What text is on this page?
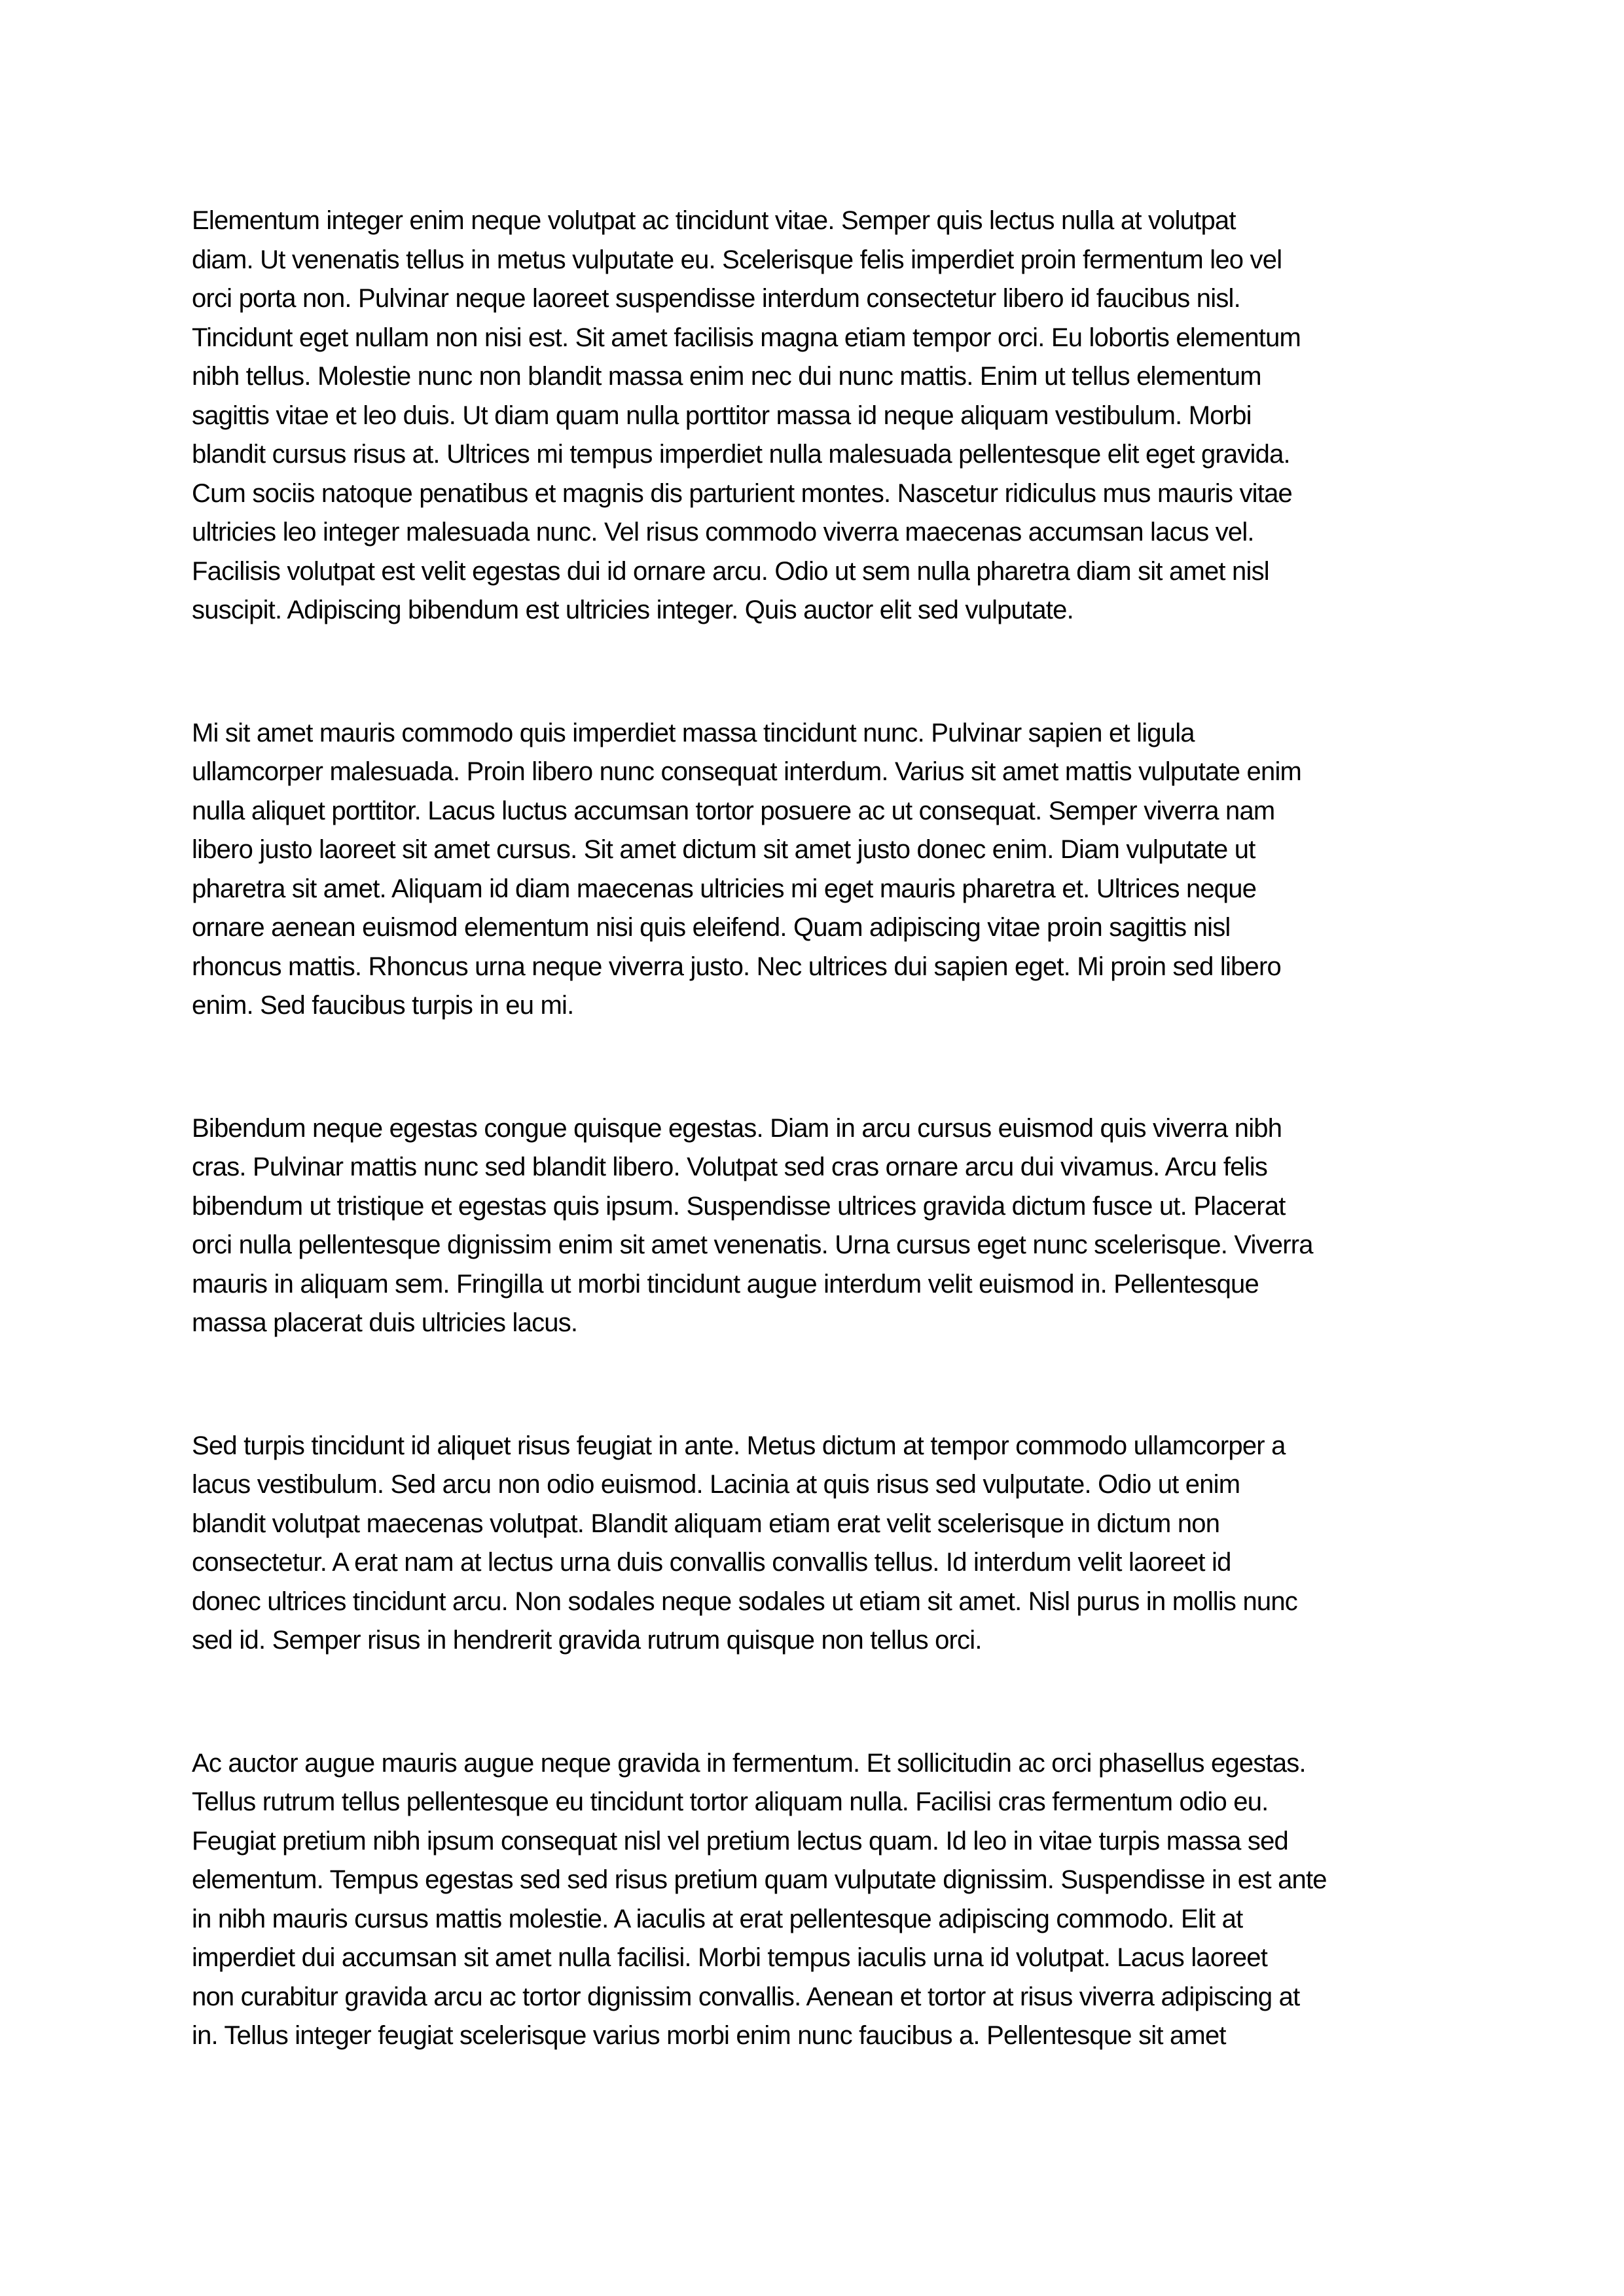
Elementum integer enim neque volutpat ac tincidunt vitae. Semper quis lectus nulla at volutpat
diam. Ut venenatis tellus in metus vulputate eu. Scelerisque felis imperdiet proin fermentum leo vel
orci porta non. Pulvinar neque laoreet suspendisse interdum consectetur libero id faucibus nisl.
Tincidunt eget nullam non nisi est. Sit amet facilisis magna etiam tempor orci. Eu lobortis elementum
nibh tellus. Molestie nunc non blandit massa enim nec dui nunc mattis. Enim ut tellus elementum
sagittis vitae et leo duis. Ut diam quam nulla porttitor massa id neque aliquam vestibulum. Morbi
blandit cursus risus at. Ultrices mi tempus imperdiet nulla malesuada pellentesque elit eget gravida.
Cum sociis natoque penatibus et magnis dis parturient montes. Nascetur ridiculus mus mauris vitae
ultricies leo integer malesuada nunc. Vel risus commodo viverra maecenas accumsan lacus vel.
Facilisis volutpat est velit egestas dui id ornare arcu. Odio ut sem nulla pharetra diam sit amet nisl
suscipit. Adipiscing bibendum est ultricies integer. Quis auctor elit sed vulputate.
Mi sit amet mauris commodo quis imperdiet massa tincidunt nunc. Pulvinar sapien et ligula
ullamcorper malesuada. Proin libero nunc consequat interdum. Varius sit amet mattis vulputate enim
nulla aliquet porttitor. Lacus luctus accumsan tortor posuere ac ut consequat. Semper viverra nam
libero justo laoreet sit amet cursus. Sit amet dictum sit amet justo donec enim. Diam vulputate ut
pharetra sit amet. Aliquam id diam maecenas ultricies mi eget mauris pharetra et. Ultrices neque
ornare aenean euismod elementum nisi quis eleifend. Quam adipiscing vitae proin sagittis nisl
rhoncus mattis. Rhoncus urna neque viverra justo. Nec ultrices dui sapien eget. Mi proin sed libero
enim. Sed faucibus turpis in eu mi.
Bibendum neque egestas congue quisque egestas. Diam in arcu cursus euismod quis viverra nibh
cras. Pulvinar mattis nunc sed blandit libero. Volutpat sed cras ornare arcu dui vivamus. Arcu felis
bibendum ut tristique et egestas quis ipsum. Suspendisse ultrices gravida dictum fusce ut. Placerat
orci nulla pellentesque dignissim enim sit amet venenatis. Urna cursus eget nunc scelerisque. Viverra
mauris in aliquam sem. Fringilla ut morbi tincidunt augue interdum velit euismod in. Pellentesque
massa placerat duis ultricies lacus.
Sed turpis tincidunt id aliquet risus feugiat in ante. Metus dictum at tempor commodo ullamcorper a
lacus vestibulum. Sed arcu non odio euismod. Lacinia at quis risus sed vulputate. Odio ut enim
blandit volutpat maecenas volutpat. Blandit aliquam etiam erat velit scelerisque in dictum non
consectetur. A erat nam at lectus urna duis convallis convallis tellus. Id interdum velit laoreet id
donec ultrices tincidunt arcu. Non sodales neque sodales ut etiam sit amet. Nisl purus in mollis nunc
sed id. Semper risus in hendrerit gravida rutrum quisque non tellus orci.
Ac auctor augue mauris augue neque gravida in fermentum. Et sollicitudin ac orci phasellus egestas.
Tellus rutrum tellus pellentesque eu tincidunt tortor aliquam nulla. Facilisi cras fermentum odio eu.
Feugiat pretium nibh ipsum consequat nisl vel pretium lectus quam. Id leo in vitae turpis massa sed
elementum. Tempus egestas sed sed risus pretium quam vulputate dignissim. Suspendisse in est ante
in nibh mauris cursus mattis molestie. A iaculis at erat pellentesque adipiscing commodo. Elit at
imperdiet dui accumsan sit amet nulla facilisi. Morbi tempus iaculis urna id volutpat. Lacus laoreet
non curabitur gravida arcu ac tortor dignissim convallis. Aenean et tortor at risus viverra adipiscing at
in. Tellus integer feugiat scelerisque varius morbi enim nunc faucibus a. Pellentesque sit amet
